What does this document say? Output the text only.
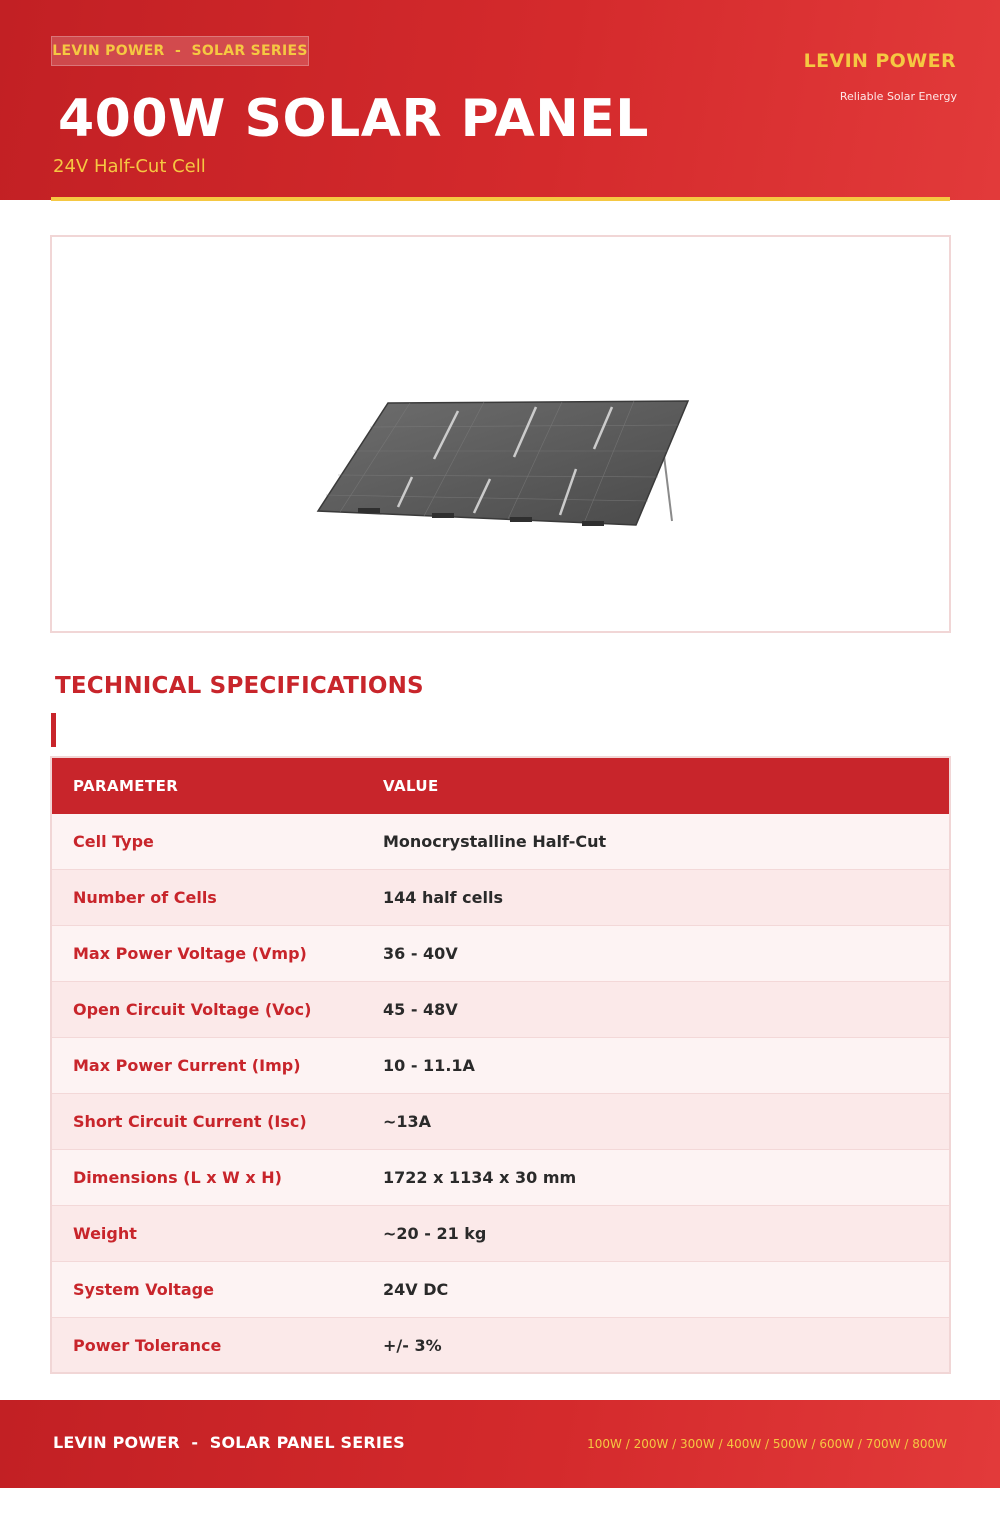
LEVIN POWER  -  SOLAR SERIES
400W SOLAR PANEL
24V Half-Cut Cell
LEVIN POWER
Reliable Solar Energy
TECHNICAL SPECIFICATIONS
PARAMETER	VALUE
Cell Type	Monocrystalline Half-Cut
Number of Cells	144 half cells
Max Power Voltage (Vmp)	36 - 40V
Open Circuit Voltage (Voc)	45 - 48V
Max Power Current (Imp)	10 - 11.1A
Short Circuit Current (Isc)	~13A
Dimensions (L x W x H)	1722 x 1134 x 30 mm
Weight	~20 - 21 kg
System Voltage	24V DC
Power Tolerance	+/- 3%
LEVIN POWER  -  SOLAR PANEL SERIES	100W / 200W / 300W / 400W / 500W / 600W / 700W / 800W
